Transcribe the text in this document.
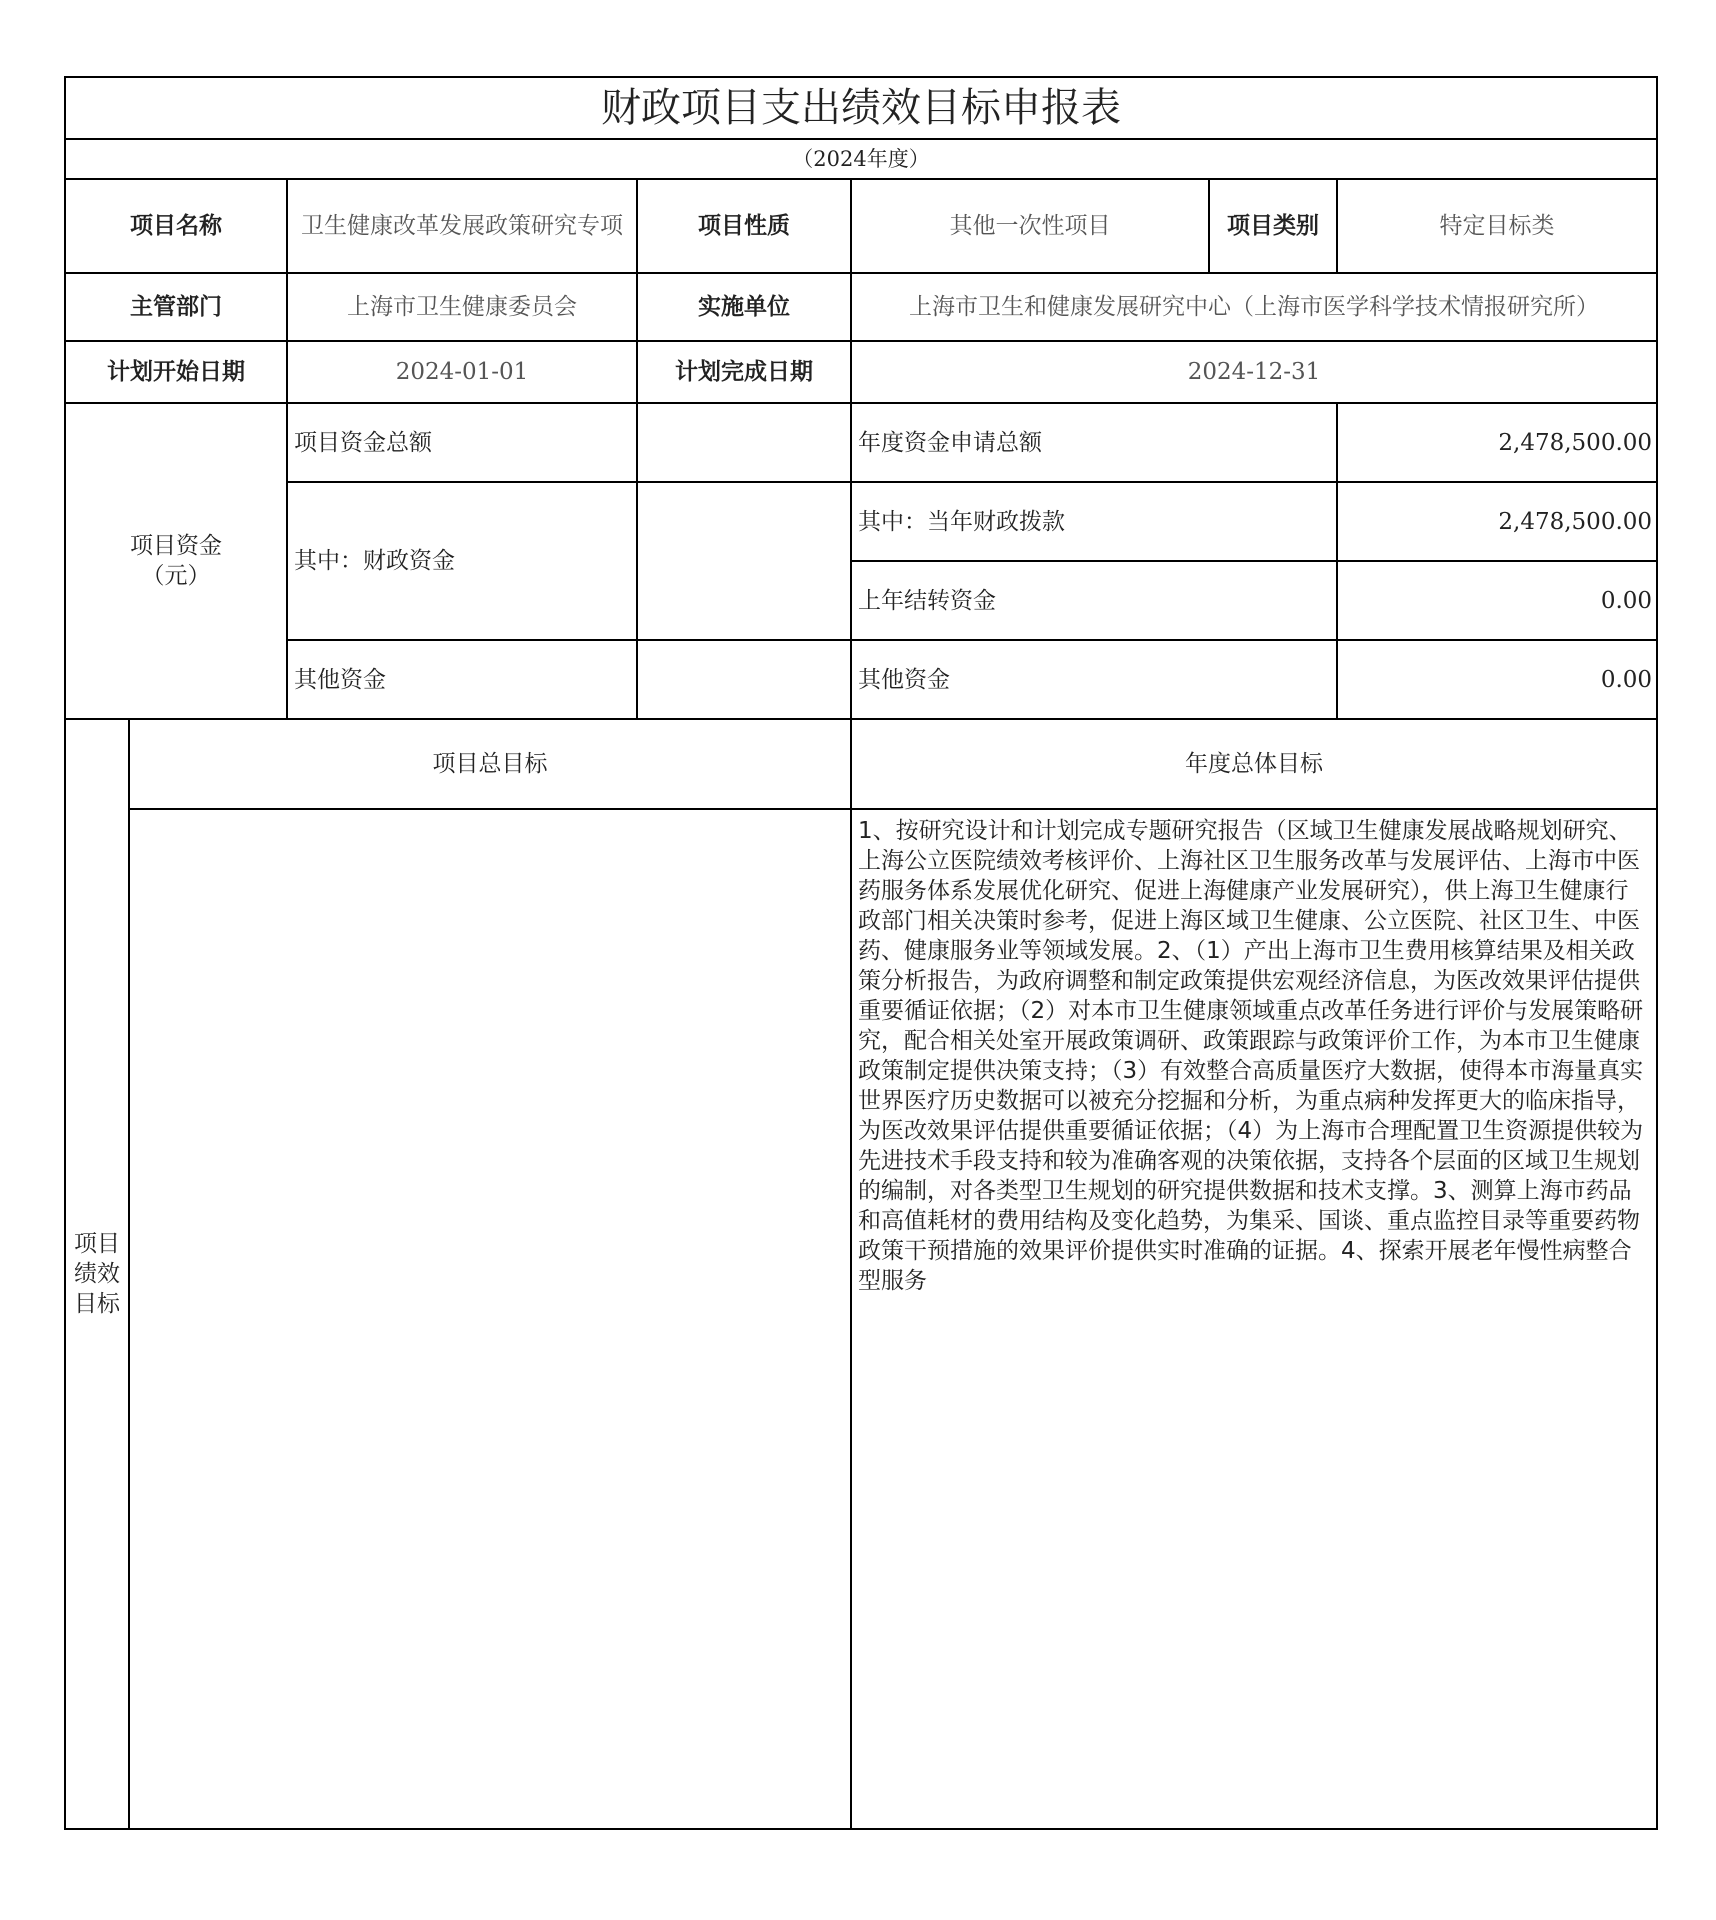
财政项目支出绩效目标申报表						
（2024年度）						
项目名称		卫生健康改革发展政策研究专项	项目性质	其他一次性项目	项目类别	特定目标类
主管部门		上海市卫生健康委员会	实施单位	上海市卫生和健康发展研究中心（上海市医学科学技术情报研究所）		
计划开始日期		2024-01-01	计划完成日期	2024-12-31		
项目资金
（元）		项目资金总额		年度资金申请总额		2,478,500.00
		其中：财政资金		其中：当年财政拨款		2,478,500.00
				上年结转资金		0.00
		其他资金		其他资金		0.00
项目
绩效
目标	项目总目标			年度总体目标		
				1、按研究设计和计划完成专题研究报告（区域卫生健康发展战略规划研究、上海公立医院绩效考核评价、上海社区卫生服务改革与发展评估、上海市中医药服务体系发展优化研究、促进上海健康产业发展研究），供上海卫生健康行政部门相关决策时参考，促进上海区域卫生健康、公立医院、社区卫生、中医药、健康服务业等领域发展。2、（1）产出上海市卫生费用核算结果及相关政策分析报告，为政府调整和制定政策提供宏观经济信息，为医改效果评估提供重要循证依据；（2）对本市卫生健康领域重点改革任务进行评价与发展策略研究，配合相关处室开展政策调研、政策跟踪与政策评价工作，为本市卫生健康政策制定提供决策支持；（3）有效整合高质量医疗大数据，使得本市海量真实世界医疗历史数据可以被充分挖掘和分析，为重点病种发挥更大的临床指导，为医改效果评估提供重要循证依据；（4）为上海市合理配置卫生资源提供较为先进技术手段支持和较为准确客观的决策依据，支持各个层面的区域卫生规划的编制，对各类型卫生规划的研究提供数据和技术支撑。3、测算上海市药品和高值耗材的费用结构及变化趋势，为集采、国谈、重点监控目录等重要药物政策干预措施的效果评价提供实时准确的证据。4、探索开展老年慢性病整合型服务		
